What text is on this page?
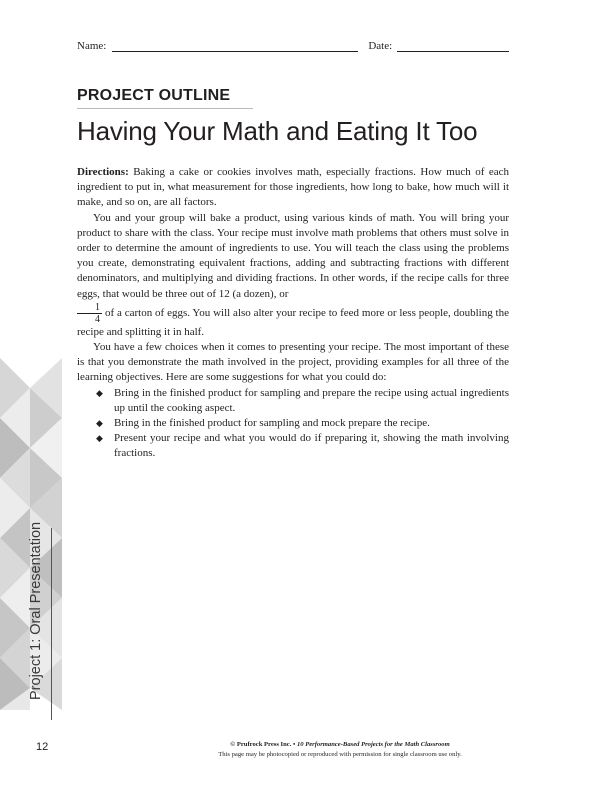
Project 1: Oral Presentation
Name:	Date:
PROJECT OUTLINE
Having Your Math and Eating It Too

Directions: Baking a cake or cookies involves math, especially fractions. How much of each ingredient to put in, what measurement for those ingredients, how long to bake, how much will it make, and so on, are all factors.

You and your group will bake a product, using various kinds of math. You will bring your product to share with the class. Your recipe must involve math problems that others must solve in order to determine the amount of ingredients to use. You will teach the class using the problems you create, demonstrating equivalent fractions, adding and subtracting fractions with different denominators, and multiplying and dividing fractions. In other words, if the recipe calls for three eggs, that would be three out of 12 (a dozen), or

$\frac{1}{4}$ of a carton of eggs. You will also alter your recipe to feed more or less people, doubling the recipe and splitting it in half.

You have a few choices when it comes to presenting your recipe. The most important of these is that you demonstrate the math involved in the project, providing examples for all three of the learning objectives. Here are some suggestions for what you could do:

◆ Bring in the finished product for sampling and prepare the recipe using actual ingredients up until the cooking aspect.
◆ Bring in the finished product for sampling and mock prepare the recipe.
◆ Present your recipe and what you would do if preparing it, showing the math involving fractions.
12	© Prufrock Press Inc. • 10 Performance-Based Projects for the Math Classroom
This page may be photocopied or reproduced with permission for single classroom use only.
